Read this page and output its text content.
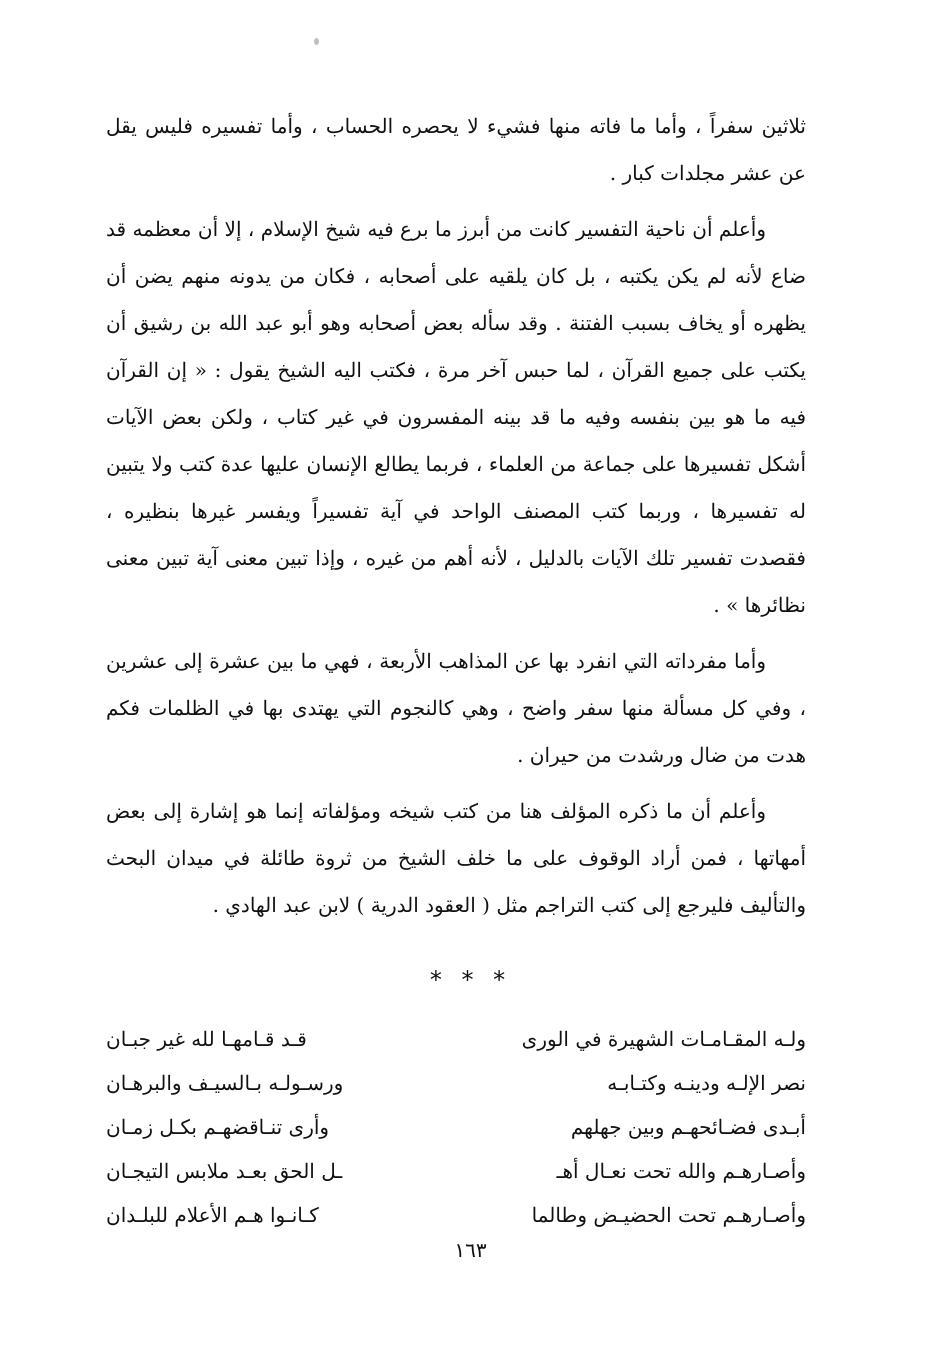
ثلاثين سفراً ، وأما ما فاته منها فشيء لا يحصره الحساب ، وأما تفسيره فليس يقل عن عشر مجلدات كبار .

وأعلم أن ناحية التفسير كانت من أبرز ما برع فيه شيخ الإسلام ، إلا أن معظمه قد ضاع لأنه لم يكن يكتبه ، بل كان يلقيه على أصحابه ، فكان من يدونه منهم يضن أن يظهره أو يخاف بسبب الفتنة . وقد سأله بعض أصحابه وهو أبو عبد الله بن رشيق أن يكتب على جميع القرآن ، لما حبس آخر مرة ، فكتب اليه الشيخ يقول : « إن القرآن فيه ما هو بين بنفسه وفيه ما قد بينه المفسرون في غير كتاب ، ولكن بعض الآيات أشكل تفسيرها على جماعة من العلماء ، فربما يطالع الإنسان عليها عدة كتب ولا يتبين له تفسيرها ، وربما كتب المصنف الواحد في آية تفسيراً ويفسر غيرها بنظيره ، فقصدت تفسير تلك الآيات بالدليل ، لأنه أهم من غيره ، وإذا تبين معنى آية تبين معنى نظائرها » .

وأما مفرداته التي انفرد بها عن المذاهب الأربعة ، فهي ما بين عشرة إلى عشرين ، وفي كل مسألة منها سفر واضح ، وهي كالنجوم التي يهتدى بها في الظلمات فكم هدت من ضال ورشدت من حيران .

وأعلم أن ما ذكره المؤلف هنا من كتب شيخه ومؤلفاته إنما هو إشارة إلى بعض أمهاتها ، فمن أراد الوقوف على ما خلف الشيخ من ثروة طائلة في ميدان البحث والتأليف فليرجع إلى كتب التراجم مثل ( العقود الدرية ) لابن عبد الهادي .

* * *
ولـه المقـامـات الشهيرة في الورى
قـد قـامهـا لله غير جبـان
نصر الإلـه ودينـه وكتـابـه
ورسـولـه بـالسيـف والبرهـان
أبـدى فضـائحهـم وبين جهلهم
وأرى تنـاقضهـم بكـل زمـان
وأصـارهـم والله تحت نعـال أهـ
ـل الحق بعـد ملابس التيجـان
وأصـارهـم تحت الحضيـض وطالما
كـانـوا هـم الأعلام للبلـدان
١٦٣
